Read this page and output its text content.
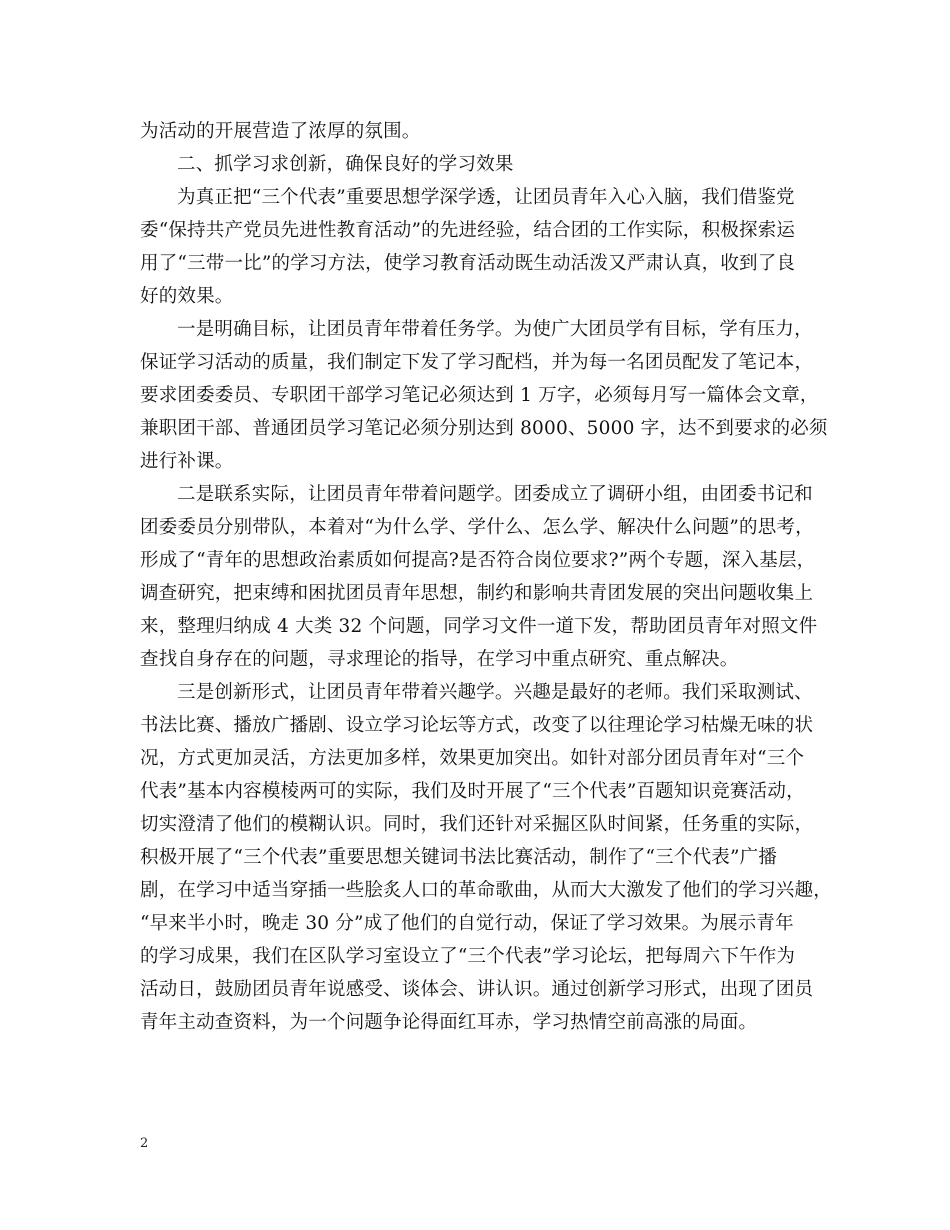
为活动的开展营造了浓厚的氛围。
二、抓学习求创新，确保良好的学习效果
为真正把“三个代表”重要思想学深学透，让团员青年入心入脑，我们借鉴党
委“保持共产党员先进性教育活动”的先进经验，结合团的工作实际，积极探索运
用了“三带一比”的学习方法，使学习教育活动既生动活泼又严肃认真，收到了良
好的效果。
一是明确目标，让团员青年带着任务学。为使广大团员学有目标，学有压力，
保证学习活动的质量，我们制定下发了学习配档，并为每一名团员配发了笔记本，
要求团委委员、专职团干部学习笔记必须达到 1 万字，必须每月写一篇体会文章，
兼职团干部、普通团员学习笔记必须分别达到 8000、5000 字，达不到要求的必须
进行补课。
二是联系实际，让团员青年带着问题学。团委成立了调研小组，由团委书记和
团委委员分别带队，本着对“为什么学、学什么、怎么学、解决什么问题”的思考，
形成了“青年的思想政治素质如何提高?是否符合岗位要求?”两个专题，深入基层，
调查研究，把束缚和困扰团员青年思想，制约和影响共青团发展的突出问题收集上
来，整理归纳成 4 大类 32 个问题，同学习文件一道下发，帮助团员青年对照文件
查找自身存在的问题，寻求理论的指导，在学习中重点研究、重点解决。
三是创新形式，让团员青年带着兴趣学。兴趣是最好的老师。我们采取测试、
书法比赛、播放广播剧、设立学习论坛等方式，改变了以往理论学习枯燥无味的状
况，方式更加灵活，方法更加多样，效果更加突出。如针对部分团员青年对“三个
代表”基本内容模棱两可的实际，我们及时开展了“三个代表”百题知识竞赛活动，
切实澄清了他们的模糊认识。同时，我们还针对采掘区队时间紧，任务重的实际，
积极开展了“三个代表”重要思想关键词书法比赛活动，制作了“三个代表”广播
剧，在学习中适当穿插一些脍炙人口的革命歌曲，从而大大激发了他们的学习兴趣，
“早来半小时，晚走 30 分”成了他们的自觉行动，保证了学习效果。为展示青年
的学习成果，我们在区队学习室设立了“三个代表”学习论坛，把每周六下午作为
活动日，鼓励团员青年说感受、谈体会、讲认识。通过创新学习形式，出现了团员
青年主动查资料，为一个问题争论得面红耳赤，学习热情空前高涨的局面。
2
